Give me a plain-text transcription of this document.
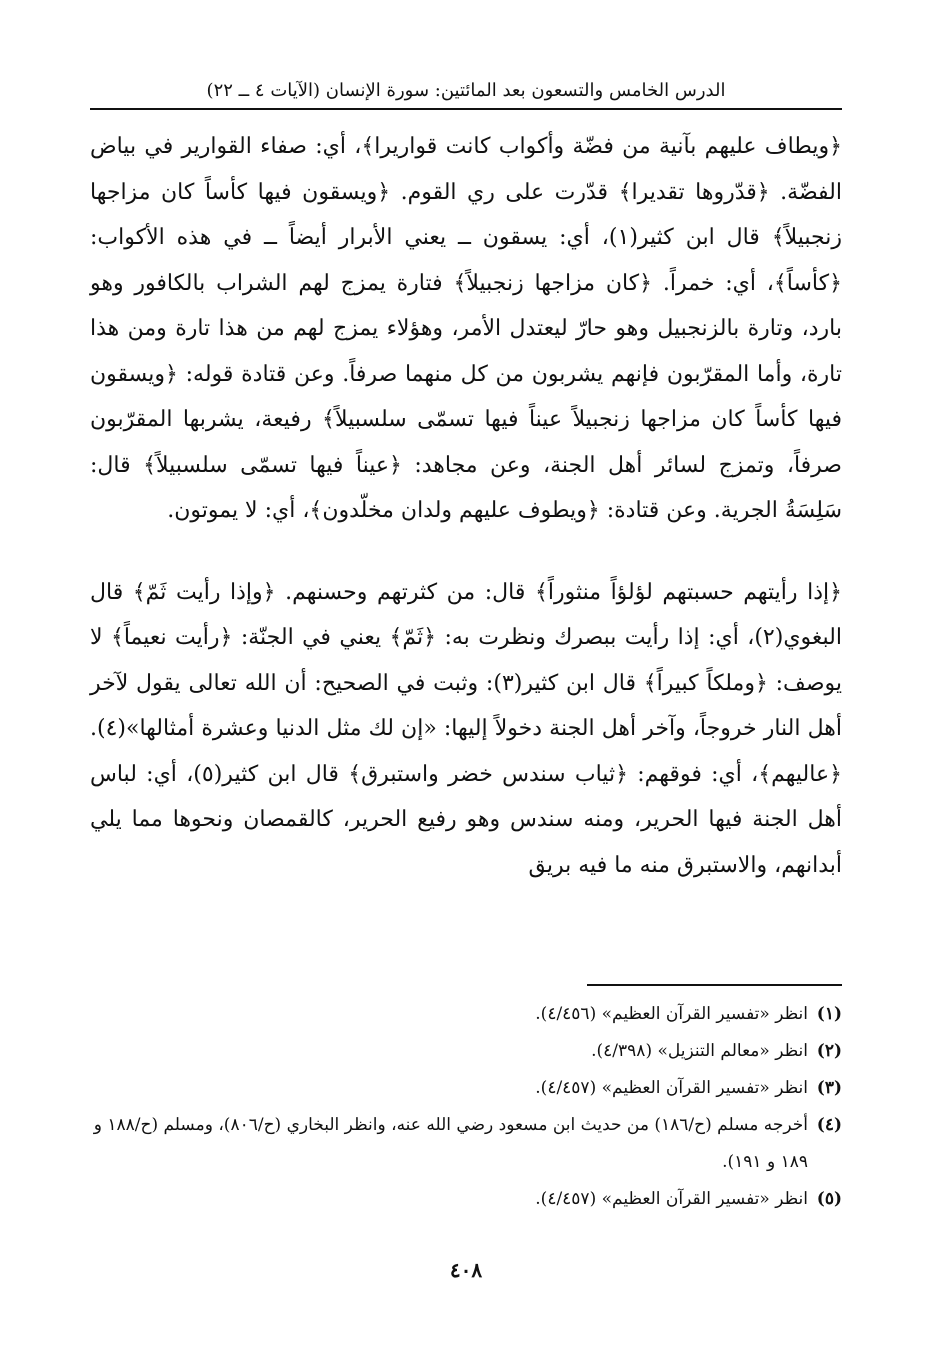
الدرس الخامس والتسعون بعد المائتين: سورة الإنسان (الآيات ٤ ــ ٢٢)

﴿ويطاف عليهم بآنية من فضّة وأكواب كانت قواريرا﴾، أي: صفاء القوارير في بياض الفضّة. ﴿قدّروها تقديرا﴾ قدّرت على ري القوم. ﴿ويسقون فيها كأساً كان مزاجها زنجبيلاً﴾ قال ابن كثير(١)، أي: يسقون ــ يعني الأبرار أيضاً ــ في هذه الأكواب: ﴿كأساً﴾، أي: خمراً. ﴿كان مزاجها زنجبيلاً﴾ فتارة يمزج لهم الشراب بالكافور وهو بارد، وتارة بالزنجبيل وهو حارّ ليعتدل الأمر، وهؤلاء يمزج لهم من هذا تارة ومن هذا تارة، وأما المقرّبون فإنهم يشربون من كل منهما صرفاً. وعن قتادة قوله: ﴿ويسقون فيها كأساً كان مزاجها زنجبيلاً عيناً فيها تسمّى سلسبيلاً﴾ رفيعة، يشربها المقرّبون صرفاً، وتمزج لسائر أهل الجنة، وعن مجاهد: ﴿عيناً فيها تسمّى سلسبيلاً﴾ قال: سَلِسَةُ الجرية. وعن قتادة: ﴿ويطوف عليهم ولدان مخلّدون﴾، أي: لا يموتون.

﴿إذا رأيتهم حسبتهم لؤلؤاً منثوراً﴾ قال: من كثرتهم وحسنهم. ﴿وإذا رأيت ثَمّ﴾ قال البغوي(٢)، أي: إذا رأيت ببصرك ونظرت به: ﴿ثَمّ﴾ يعني في الجنّة: ﴿رأيت نعيماً﴾ لا يوصف: ﴿وملكاً كبيراً﴾ قال ابن كثير(٣): وثبت في الصحيح: أن الله تعالى يقول لآخر أهل النار خروجاً، وآخر أهل الجنة دخولاً إليها: «إن لك مثل الدنيا وعشرة أمثالها»(٤). ﴿عاليهم﴾، أي: فوقهم: ﴿ثياب سندس خضر واستبرق﴾ قال ابن كثير(٥)، أي: لباس أهل الجنة فيها الحرير، ومنه سندس وهو رفيع الحرير، كالقمصان ونحوها مما يلي أبدانهم، والاستبرق منه ما فيه بريق

(١)
انظر «تفسير القرآن العظيم» (٤/٤٥٦).
(٢)
انظر «معالم التنزيل» (٤/٣٩٨).
(٣)
انظر «تفسير القرآن العظيم» (٤/٤٥٧).
(٤)
أخرجه مسلم (ح/١٨٦) من حديث ابن مسعود رضي الله عنه، وانظر البخاري (ح/٨٠٦)، ومسلم (ح/١٨٨ و ١٨٩ و ١٩١).
(٥)
انظر «تفسير القرآن العظيم» (٤/٤٥٧).
٤٠٨
